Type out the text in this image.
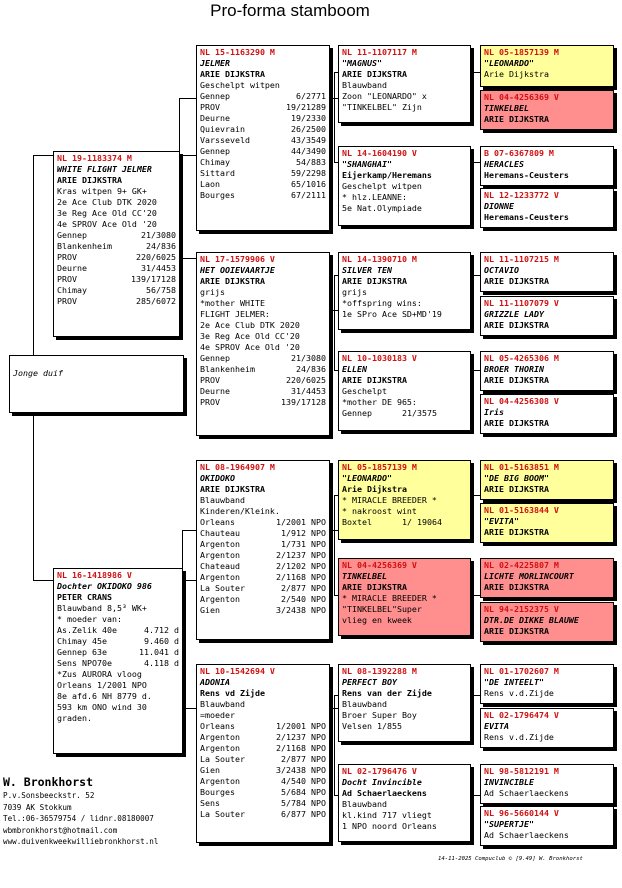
Pro-forma stamboom
Jonge duif
NL 19-1183374 M
WHITE FLIGHT JELMER
ARIE DIJKSTRA
Kras witpen 9+ GK+
2e Ace Club DTK 2020
3e Reg Ace Old CC'20
4e SPROV Ace Old '20
Gennep	21/3080
Blankenheim	24/836
PROV	220/6025
Deurne	31/4453
PROV	139/17128
Chimay	56/758
PROV	285/6072
NL 16-1418986 V
Dochter OKIDOKO 986
PETER CRANS
Blauwband 8,5³ WK+
* moeder van:
As.Zelik 40e	4.712 d
Chimay 45e	9.460 d
Gennep 63e	11.041 d
Sens NPO70e	4.118 d
*Zus AURORA vloog
Orleans 1/2001 NPO
8e afd.6 NH 8779 d.
593 km ONO wind 30
graden.
NL 15-1163290 M
JELMER
ARIE DIJKSTRA
Geschelpt witpen
Gennep	6/2771
PROV	19/21289
Deurne	19/2330
Quievrain	26/2500
Varsseveld	43/3549
Gennep	44/3490
Chimay	54/883
Sittard	59/2298
Laon	65/1016
Bourges	67/2111
NL 17-1579906 V
HET OOIEVAARTJE
ARIE DIJKSTRA
grijs
*mother WHITE
FLIGHT JELMER:
2e Ace Club DTK 2020
3e Reg Ace Old CC'20
4e SPROV Ace Old '20
Gennep	21/3080
Blankenheim	24/836
PROV	220/6025
Deurne	31/4453
PROV	139/17128
NL 08-1964907 M
OKIDOKO
ARIE DIJKSTRA
Blauwband
Kinderen/Kleink.
Orleans	1/2001 NPO
Chauteau	1/912 NPO
Argenton	1/731 NPO
Argenton	2/1237 NPO
Chateaud	2/1202 NPO
Argenton	2/1168 NPO
La Souter	2/877 NPO
Argenton	2/540 NPO
Gien	3/2438 NPO
NL 10-1542694 V
ADONIA
Rens vd Zijde
Blauwband
=moeder
Orleans	1/2001 NPO
Argenton	2/1237 NPO
Argenton	2/1168 NPO
La Souter	2/877 NPO
Gien	3/2438 NPO
Argenton	4/540 NPO
Bourges	5/684 NPO
Sens	5/784 NPO
La Souter	6/877 NPO
NL 11-1107117 M
"MAGNUS"
ARIE DIJKSTRA
Blauwband
Zoon "LEONARDO" x
"TINKELBEL" Zijn
NL 14-1604190 V
"SHANGHAI"
Eijerkamp/Heremans
Geschelpt witpen
* hlz.LEANNE:
5e Nat.Olympiade
NL 14-1390710 M
SILVER TEN
ARIE DIJKSTRA
grijs
*offspring wins:
1e SPro Ace SD+MD'19
NL 10-1030183 V
ELLEN
ARIE DIJKSTRA
Geschelpt
*mother DE 965:
Gennep	21/3575
NL 05-1857139 M
"LEONARDO"
Arie Dijkstra
* MIRACLE BREEDER *
* nakroost wint
Boxtel	1/ 19064
NL 04-4256369 V
TINKELBEL
ARIE DIJKSTRA
* MIRACLE BREEDER *
"TINKELBEL"Super
vlieg en kweek
NL 08-1392288 M
PERFECT BOY
Rens van der Zijde
Blauwband
Broer Super Boy
Velsen 1/855
NL 02-1796476 V
Docht Invincible
Ad Schaerlaeckens
Blauwband
kl.kind 717 vliegt
1 NPO noord Orleans
NL 05-1857139 M
"LEONARDO"
Arie Dijkstra
NL 04-4256369 V
TINKELBEL
ARIE DIJKSTRA
B 07-6367809 M
HERACLES
Heremans-Ceusters
NL 12-1233772 V
DIONNE
Heremans-Ceusters
NL 11-1107215 M
OCTAVIO
ARIE DIJKSTRA
NL 11-1107079 V
GRIZZLE LADY
ARIE DIJKSTRA
NL 05-4265306 M
BROER THORIN
ARIE DIJKSTRA
NL 04-4256308 V
Iris
ARIE DIJKSTRA
NL 01-5163851 M
"DE BIG BOOM"
ARIE DIJKSTRA
NL 01-5163844 V
"EVITA"
ARIE DIJKSTRA
NL 02-4225807 M
LICHTE MORLINCOURT
ARIE DIJKSTRA
NL 94-2152375 V
DTR.DE DIKKE BLAUWE
ARIE DIJKSTRA
NL 01-1702607 M
"DE INTEELT"
Rens v.d.Zijde
NL 02-1796474 V
EVITA
Rens v.d.Zijde
NL 98-5812191 M
INVINCIBLE
Ad Schaerlaeckens
NL 96-5660144 V
"SUPERTJE"
Ad Schaerlaeckens
W. Bronkhorst
P.v.Sonsbeeckstr. 52
7039 AK Stokkum
Tel.:06-36579754 / lidnr.08180007
wbmbronkhorst@hotmail.com
www.duivenkweekwilliebronkhorst.nl
14-11-2025 Compuclub © [9.49] W. Bronkhorst
